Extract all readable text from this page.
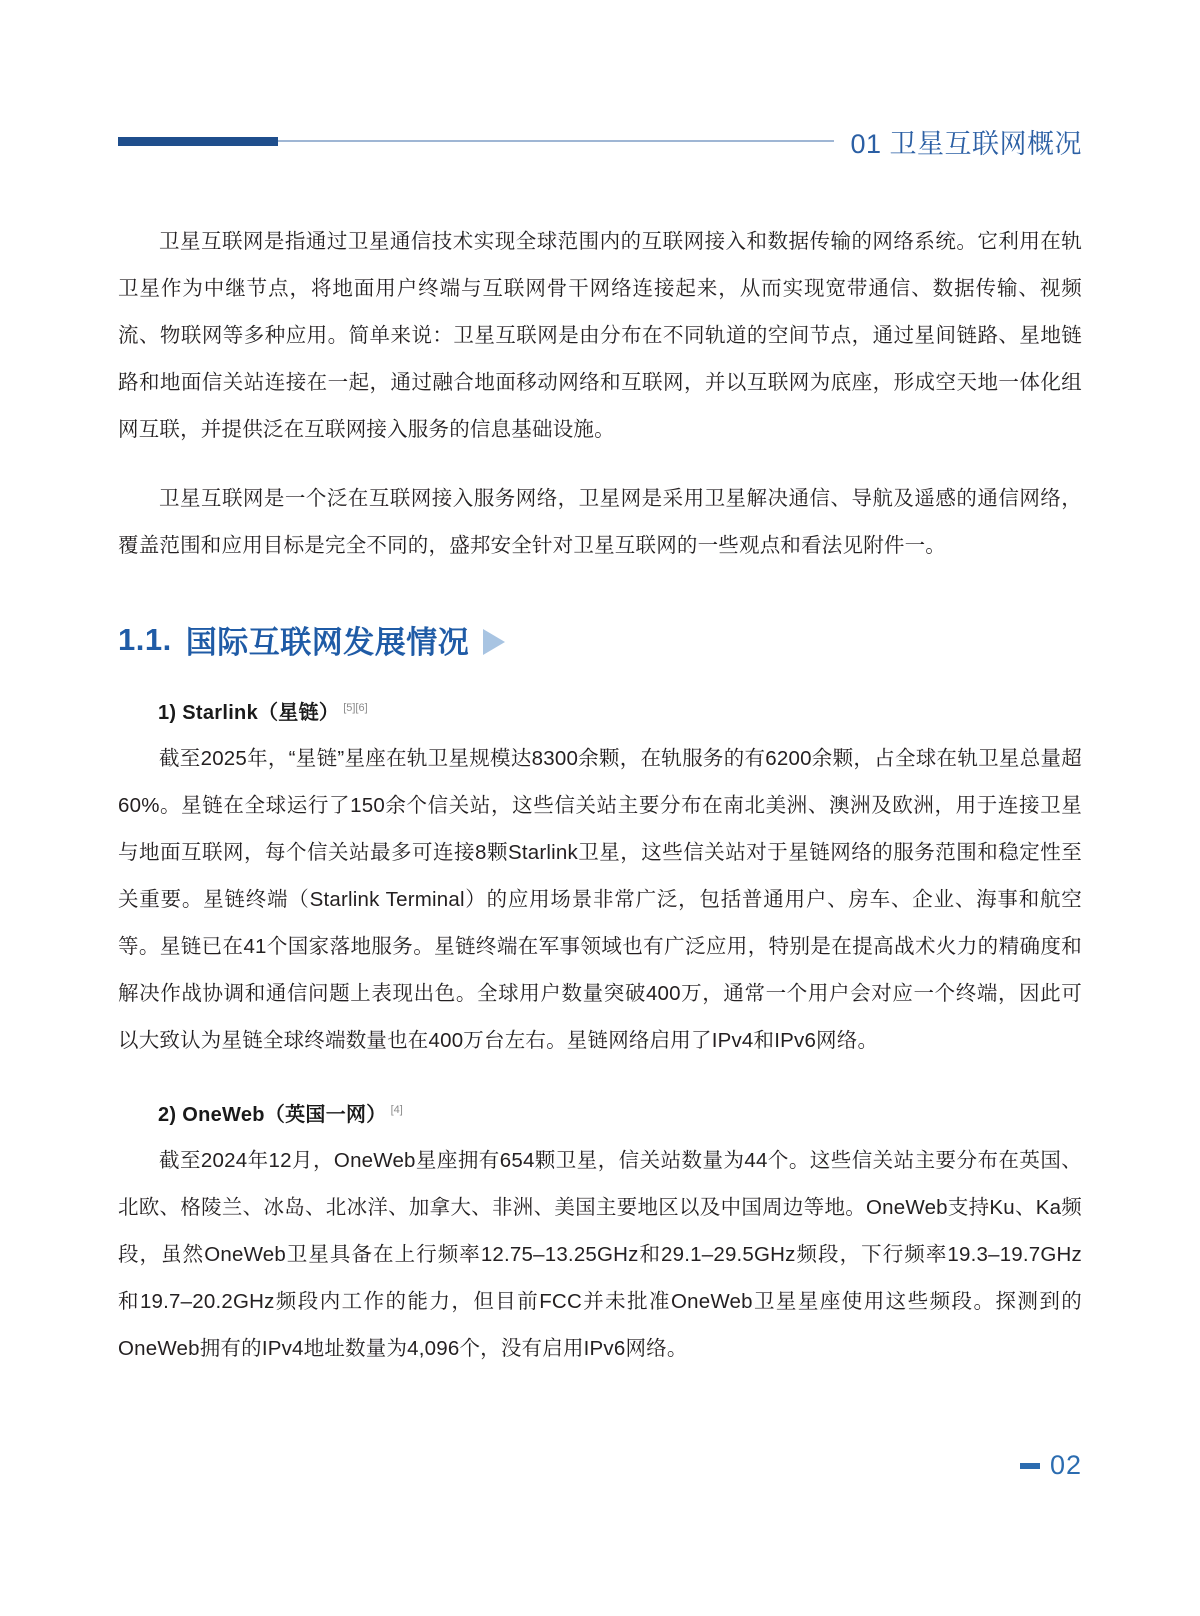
01 卫星互联网概况

卫星互联网是指通过卫星通信技术实现全球范围内的互联网接入和数据传输的网络系统。它利用在轨卫星作为中继节点，将地面用户终端与互联网骨干网络连接起来，从而实现宽带通信、数据传输、视频流、物联网等多种应用。简单来说：卫星互联网是由分布在不同轨道的空间节点，通过星间链路、星地链路和地面信关站连接在一起，通过融合地面移动网络和互联网，并以互联网为底座，形成空天地一体化组网互联，并提供泛在互联网接入服务的信息基础设施。

卫星互联网是一个泛在互联网接入服务网络，卫星网是采用卫星解决通信、导航及遥感的通信网络，覆盖范围和应用目标是完全不同的，盛邦安全针对卫星互联网的一些观点和看法见附件一。

1.1. 国际互联网发展情况
1) Starlink（星链） [5][6]

截至2025年，“星链”星座在轨卫星规模达8300余颗，在轨服务的有6200余颗，占全球在轨卫星总量超60%。星链在全球运行了150余个信关站，这些信关站主要分布在南北美洲、澳洲及欧洲，用于连接卫星与地面互联网，每个信关站最多可连接8颗Starlink卫星，这些信关站对于星链网络的服务范围和稳定性至关重要。星链终端（Starlink Terminal）的应用场景非常广泛，包括普通用户、房车、企业、海事和航空等。星链已在41个国家落地服务。星链终端在军事领域也有广泛应用，特别是在提高战术火力的精确度和解决作战协调和通信问题上表现出色。全球用户数量突破400万，通常一个用户会对应一个终端，因此可以大致认为星链全球终端数量也在400万台左右。星链网络启用了IPv4和IPv6网络。

2) OneWeb（英国一网） [4]

截至2024年12月，OneWeb星座拥有654颗卫星，信关站数量为44个。这些信关站主要分布在英国、北欧、格陵兰、冰岛、北冰洋、加拿大、非洲、美国主要地区以及中国周边等地。OneWeb支持Ku、Ka频段，虽然OneWeb卫星具备在上行频率12.75–13.25GHz和29.1–29.5GHz频段，下行频率19.3–19.7GHz和19.7–20.2GHz频段内工作的能力，但目前FCC并未批准OneWeb卫星星座使用这些频段。探测到的OneWeb拥有的IPv4地址数量为4,096个，没有启用IPv6网络。

02
